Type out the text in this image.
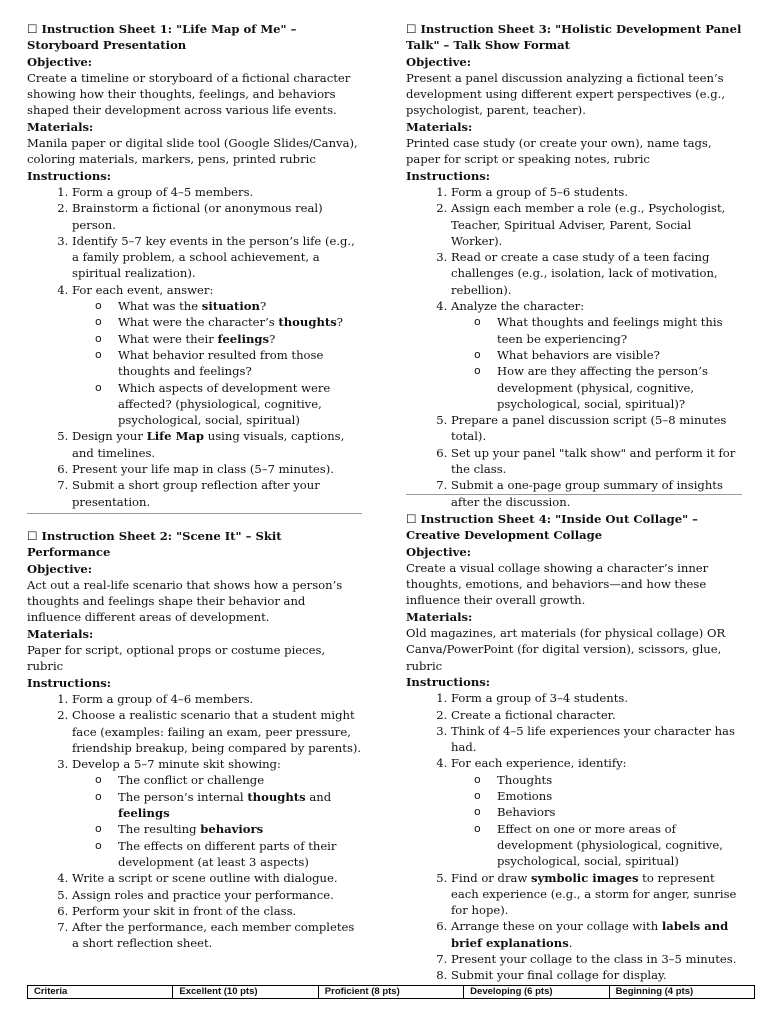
☐ Instruction Sheet 1: "Life Map of Me" – Storyboard Presentation
Objective:

Create a timeline or storyboard of a fictional character showing how their thoughts, feelings, and behaviors shaped their development across various life events.

Materials:

Manila paper or digital slide tool (Google Slides/Canva), coloring materials, markers, pens, printed rubric

Instructions:
1. Form a group of 4–5 members.
2. Brainstorm a fictional (or anonymous real) person.
3. Identify 5–7 key events in the person’s life (e.g., a family problem, a school achievement, a spiritual realization).
4. For each event, answer:
o What was the situation?
o What were the character’s thoughts?
o What were their feelings?
o What behavior resulted from those thoughts and feelings?
o Which aspects of development were affected? (physiological, cognitive, psychological, social, spiritual)
5. Design your Life Map using visuals, captions, and timelines.
6. Present your life map in class (5–7 minutes).
7. Submit a short group reflection after your presentation.
☐ Instruction Sheet 2: "Scene It" – Skit Performance
Objective:

Act out a real-life scenario that shows how a person’s thoughts and feelings shape their behavior and influence different areas of development.

Materials:

Paper for script, optional props or costume pieces, rubric

Instructions:
1. Form a group of 4–6 members.
2. Choose a realistic scenario that a student might face (examples: failing an exam, peer pressure, friendship breakup, being compared by parents).
3. Develop a 5–7 minute skit showing:
o The conflict or challenge
o The person’s internal thoughts and feelings
o The resulting behaviors
o The effects on different parts of their development (at least 3 aspects)
4. Write a script or scene outline with dialogue.
5. Assign roles and practice your performance.
6. Perform your skit in front of the class.
7. After the performance, each member completes a short reflection sheet.
☐ Instruction Sheet 3: "Holistic Development Panel Talk" – Talk Show Format
Objective:

Present a panel discussion analyzing a fictional teen’s development using different expert perspectives (e.g., psychologist, parent, teacher).

Materials:

Printed case study (or create your own), name tags, paper for script or speaking notes, rubric

Instructions:
1. Form a group of 5–6 students.
2. Assign each member a role (e.g., Psychologist, Teacher, Spiritual Adviser, Parent, Social Worker).
3. Read or create a case study of a teen facing challenges (e.g., isolation, lack of motivation, rebellion).
4. Analyze the character:
o What thoughts and feelings might this teen be experiencing?
o What behaviors are visible?
o How are they affecting the person’s development (physical, cognitive, psychological, social, spiritual)?
5. Prepare a panel discussion script (5–8 minutes total).
6. Set up your panel "talk show" and perform it for the class.
7. Submit a one-page group summary of insights after the discussion.
☐ Instruction Sheet 4: "Inside Out Collage" – Creative Development Collage
Objective:

Create a visual collage showing a character’s inner thoughts, emotions, and behaviors—and how these influence their overall growth.

Materials:

Old magazines, art materials (for physical collage) OR Canva/PowerPoint (for digital version), scissors, glue, rubric

Instructions:
1. Form a group of 3–4 students.
2. Create a fictional character.
3. Think of 4–5 life experiences your character has had.
4. For each experience, identify:
o Thoughts
o Emotions
o Behaviors
o Effect on one or more areas of development (physiological, cognitive, psychological, social, spiritual)
5. Find or draw symbolic images to represent each experience (e.g., a storm for anger, sunrise for hope).
6. Arrange these on your collage with labels and brief explanations.
7. Present your collage to the class in 3–5 minutes.
8. Submit your final collage for display.
Criteria	Excellent (10 pts)	Proficient (8 pts)	Developing (6 pts)	Beginning (4 pts)
